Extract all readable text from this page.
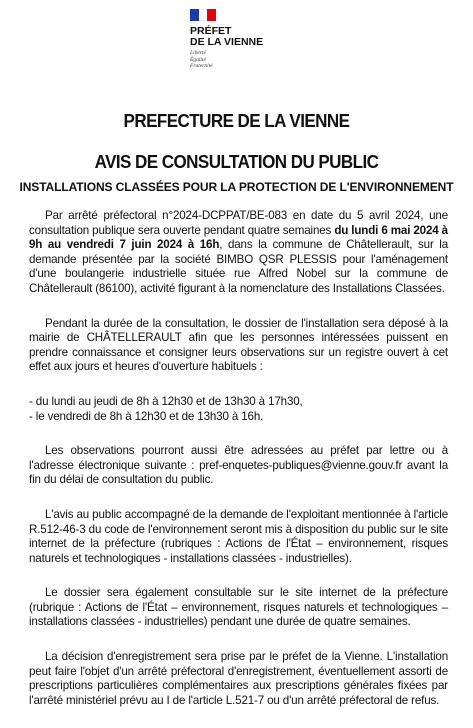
PRÉFET
DE LA VIENNE
Liberté
Égalité
Fraternité
PREFECTURE DE LA VIENNE
AVIS DE CONSULTATION DU PUBLIC
INSTALLATIONS CLASSÉES POUR LA PROTECTION DE L'ENVIRONNEMENT

Par arrêté préfectoral n°2024-DCPPAT/BE-083 en date du 5 avril 2024, une consultation publique sera ouverte pendant quatre semaines du lundi 6 mai 2024 à 9h au vendredi 7 juin 2024 à 16h, dans la commune de Châtellerault, sur la demande présentée par la société BIMBO QSR PLESSIS pour l'aménagement d'une boulangerie industrielle située rue Alfred Nobel sur la commune de Châtellerault (86100), activité figurant à la nomenclature des Installations Classées.

Pendant la durée de la consultation, le dossier de l'installation sera déposé à la mairie de CHÂTELLERAULT afin que les personnes intéressées puissent en prendre connaissance et consigner leurs observations sur un registre ouvert à cet effet aux jours et heures d'ouverture habituels :

- du lundi au jeudi de 8h à 12h30 et de 13h30 à 17h30,
- le vendredi de 8h à 12h30 et de 13h30 à 16h.

Les observations pourront aussi être adressées au préfet par lettre ou à l'adresse électronique suivante : pref-enquetes-publiques@vienne.gouv.fr avant la fin du délai de consultation du public.

L'avis au public accompagné de la demande de l'exploitant mentionnée à l'article R.512-46-3 du code de l'environnement seront mis à disposition du public sur le site internet de la préfecture (rubriques : Actions de l'État – environnement, risques naturels et technologiques - installations classées - industrielles).

Le dossier sera également consultable sur le site internet de la préfecture (rubrique : Actions de l'État – environnement, risques naturels et technologiques – installations classées - industrielles) pendant une durée de quatre semaines.

La décision d'enregistrement sera prise par le préfet de la Vienne. L'installation peut faire l'objet d'un arrêté préfectoral d'enregistrement, éventuellement assorti de prescriptions particulières complémentaires aux prescriptions générales fixées par l'arrêté ministériel prévu au I de l'article L.521-7 ou d'un arrêté préfectoral de refus.
